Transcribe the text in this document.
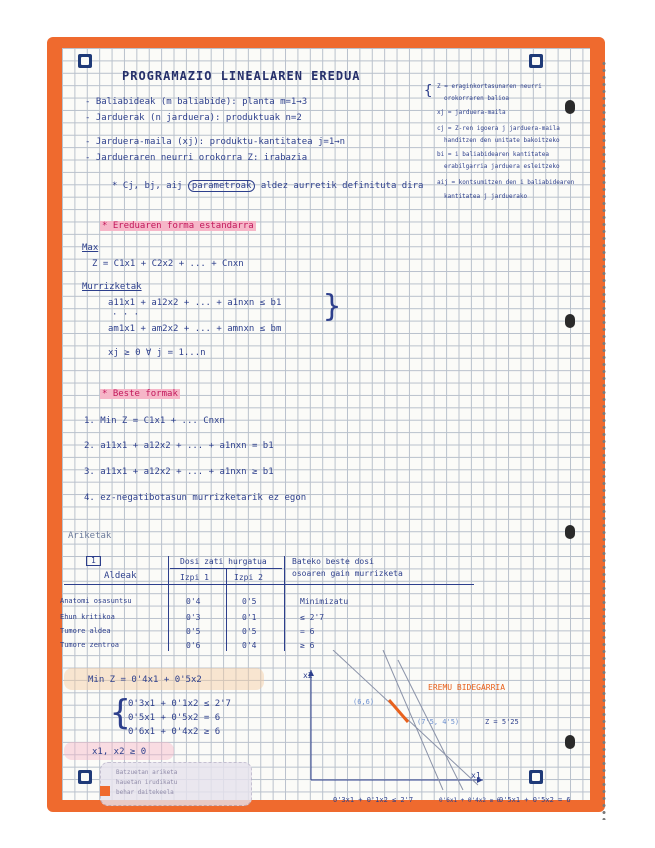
PROGRAMAZIO LINEALAREN EREDUA
- Baliabideak (m baliabide): planta m=1→3
- Jarduerak (n jarduera): produktuak n=2
- Jarduera-maila (xj): produktu-kantitatea j=1→n
- Jardueraren neurri orokorra Z: irabazia
{ Z = eraginkortasunaren neurri
orokorraren balioa
xj = jarduera-maila
cj = Z-ren igoera j jarduera-maila
handitzen den unitate bakoitzeko
bi = i baliabidearen kantitatea
erabilgarria jarduera esleitzeko
aij = kontsumitzen den i baliabidearen
kantitatea j jarduerako
* Cj, bj, aij parametroak aldez aurretik definituta dira
* Ereduaren forma estandarra
Max
Z = C1x1 + C2x2 + ... + Cnxn
Murrizketak
a11x1 + a12x2 + ... + a1nxn ≤ b1
· · ·
am1x1 + am2x2 + ... + amnxn ≤ bm
}
xj ≥ 0 ∀ j = 1...n
* Beste formak
1. Min Z = C1x1 + ... Cnxn
2. a11x1 + a12x2 + ... + a1nxn = b1
3. a11x1 + a12x2 + ... + a1nxn ≥ b1
4. ez-negatibotasun murrizketarik ez egon
Ariketak
1	Dosi zati hurgatua	Bateko beste dosi
osoaren gain murrizketa
Aldeak	Izpi 1	Izpi 2
Anatomi osasuntsu	0'4	0'5	Minimizatu
Ehun kritikoa	0'3	0'1	≤ 2'7
Tumore aldea	0'5	0'5	= 6
Tumore zentroa	0'6	0'4	≥ 6
Min Z = 0'4x1 + 0'5x2
{
0'3x1 + 0'1x2 ≤ 2'7
0'5x1 + 0'5x2 = 6
0'6x1 + 0'4x2 ≥ 6
x1, x2 ≥ 0
Batzuetan ariketa
hauetan irudikatu
behar daitekeela
x2
x1
EREMU BIDEGARRIA
(6,6)
(7'5, 4'5)	Z = 5'25
0'3x1 + 0'1x2 ≤ 2'7	0'6x1 + 0'4x2 ≥ 6
0'5x1 + 0'5x2 = 6
